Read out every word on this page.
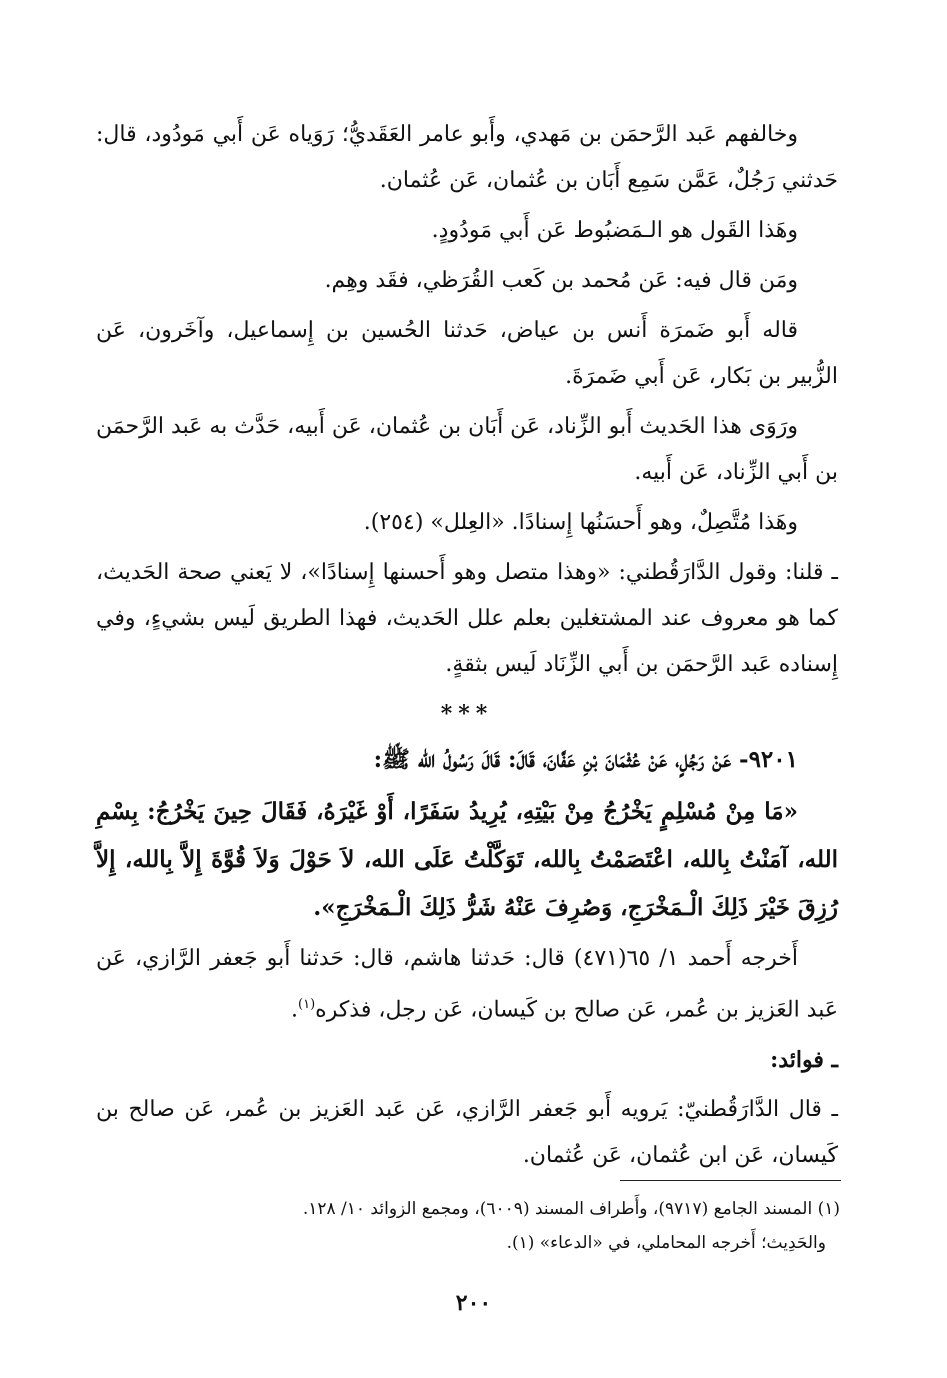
وخالفهم عَبد الرَّحمَن بن مَهدي، وأَبو عامر العَقَديُّ؛ رَوَياه عَن أَبي مَودُود، قال: حَدثني رَجُلٌ، عَمَّن سَمِع أَبَان بن عُثمان، عَن عُثمان.

وهَذا القَول هو الـمَضبُوط عَن أَبي مَودُودٍ.

ومَن قال فيه: عَن مُحمد بن كَعب القُرَظي، فقَد وهِم.

قاله أَبو ضَمرَة أَنس بن عياض، حَدثنا الحُسين بن إِسماعيل، وآخَرون، عَن الزُّبير بن بَكار، عَن أَبي ضَمرَةَ.

ورَوَى هذا الحَديث أَبو الزِّناد، عَن أَبَان بن عُثمان، عَن أَبيه، حَدَّث به عَبد الرَّحمَن بن أَبي الزِّناد، عَن أَبيه.

وهَذا مُتَّصِلٌ، وهو أَحسَنُها إِسنادًا. «العِلل» (٢٥٤).

ـ قلنا: وقول الدَّارَقُطني: «وهذا متصل وهو أَحسنها إِسنادًا»، لا يَعني صحة الحَديث، كما هو معروف عند المشتغلين بعلم علل الحَديث، فهذا الطريق لَيس بشيءٍ، وفي إِسناده عَبد الرَّحمَن بن أَبي الزِّنَاد لَيس بثقةٍ.

***

٩٢٠١- عَنْ رَجُلٍ، عَنْ عُثْمَانَ بْنِ عَفَّانَ، قَالَ: قَالَ رَسُولُ الله ﷺ:

«مَا مِنْ مُسْلِمٍ يَخْرُجُ مِنْ بَيْتِهِ، يُرِيدُ سَفَرًا، أَوْ غَيْرَهُ، فَقَالَ حِينَ يَخْرُجُ: بِسْمِ الله، آمَنْتُ بِالله، اعْتَصَمْتُ بِالله، تَوَكَّلْتُ عَلَى الله، لاَ حَوْلَ وَلاَ قُوَّةَ إِلاَّ بِالله، إِلاَّ رُزِقَ خَيْرَ ذَلِكَ الْـمَخْرَجِ، وَصُرِفَ عَنْهُ شَرُّ ذَلِكَ الْـمَخْرَجِ».

أَخرجه أَحمد ١/ ٦٥(٤٧١) قال: حَدثنا هاشم، قال: حَدثنا أَبو جَعفر الرَّازي، عَن عَبد العَزيز بن عُمر، عَن صالح بن كَيسان، عَن رجل، فذكره$^{(١)}$.

ـ فوائد:

ـ قال الدَّارَقُطنيّ: يَرويه أَبو جَعفر الرَّازي، عَن عَبد العَزيز بن عُمر، عَن صالح بن كَيسان، عَن ابن عُثمان، عَن عُثمان.

(١) المسند الجامع (٩٧١٧)، وأَطراف المسند (٦٠٠٩)، ومجمع الزوائد ١٠/ ١٢٨.
والحَدِيث؛ أَخرجه المحاملي، في «الدعاء» (١).
٢٠٠
